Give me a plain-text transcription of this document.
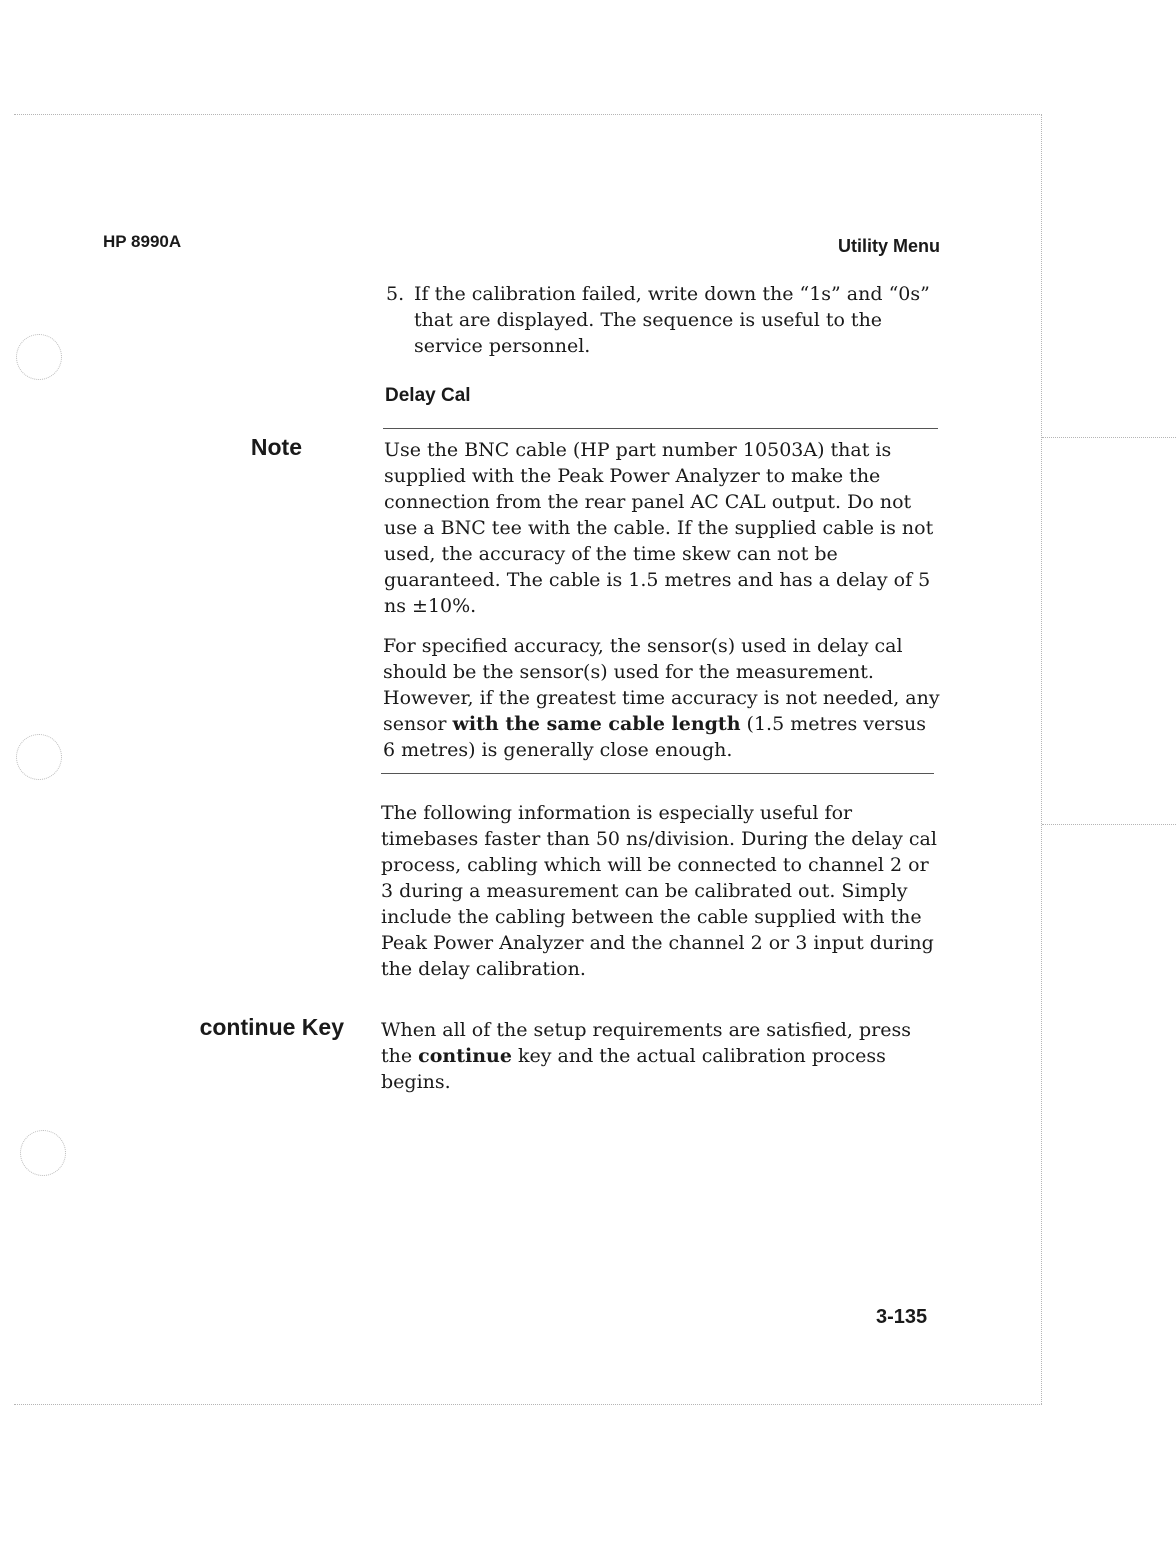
HP 8990A	Utility Menu
5. If the calibration failed, write down the “1s” and “0s” that are displayed. The sequence is useful to the service personnel.
Delay Cal
Note	Use the BNC cable (HP part number 10503A) that is supplied with the Peak Power Analyzer to make the connection from the rear panel AC CAL output. Do not use a BNC tee with the cable. If the supplied cable is not used, the accuracy of the time skew can not be guaranteed. The cable is 1.5 metres and has a delay of 5 ns ±10%.

For specified accuracy, the sensor(s) used in delay cal should be the sensor(s) used for the measurement. However, if the greatest time accuracy is not needed, any sensor with the same cable length (1.5 metres versus 6 metres) is generally close enough.

The following information is especially useful for timebases faster than 50 ns/division. During the delay cal process, cabling which will be connected to channel 2 or 3 during a measurement can be calibrated out. Simply include the cabling between the cable supplied with the Peak Power Analyzer and the channel 2 or 3 input during the delay calibration.

continue Key When all of the setup requirements are satisfied, press the continue key and the actual calibration process begins.

3-135
